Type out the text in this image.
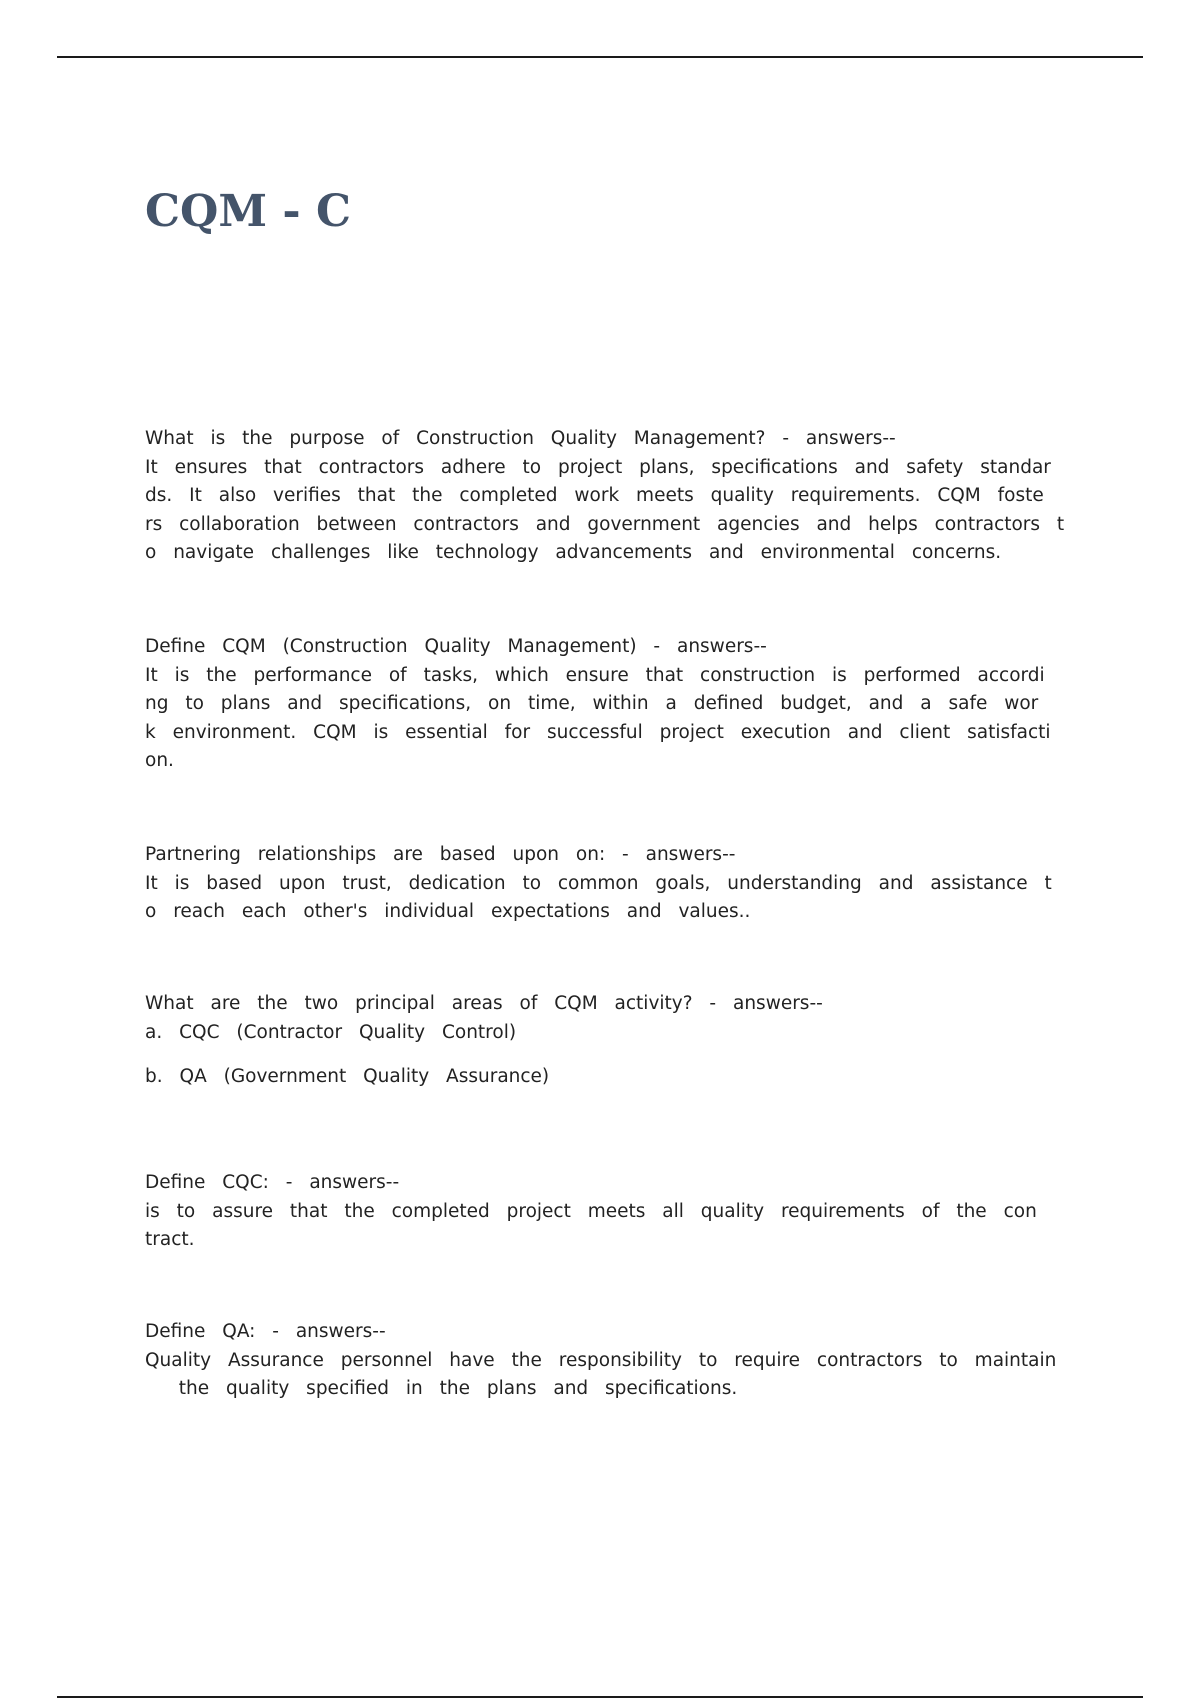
CQM - C

What is the purpose of Construction Quality Management? - answers--

It ensures that contractors adhere to project plans, specifications and safety standar

ds. It also verifies that the completed work meets quality requirements. CQM foste

rs collaboration between contractors and government agencies and helps contractors t

o navigate challenges like technology advancements and environmental concerns.

Define CQM (Construction Quality Management) - answers--

It is the performance of tasks, which ensure that construction is performed accordi

ng to plans and specifications, on time, within a defined budget, and a safe wor

k environment. CQM is essential for successful project execution and client satisfacti

on.

Partnering relationships are based upon on: - answers--

It is based upon trust, dedication to common goals, understanding and assistance t

o reach each other's individual expectations and values..

What are the two principal areas of CQM activity? - answers--

a. CQC (Contractor Quality Control)

b. QA (Government Quality Assurance)

Define CQC: - answers--

is to assure that the completed project meets all quality requirements of the con

tract.

Define QA: - answers--

Quality Assurance personnel have the responsibility to require contractors to maintain

the quality specified in the plans and specifications.
